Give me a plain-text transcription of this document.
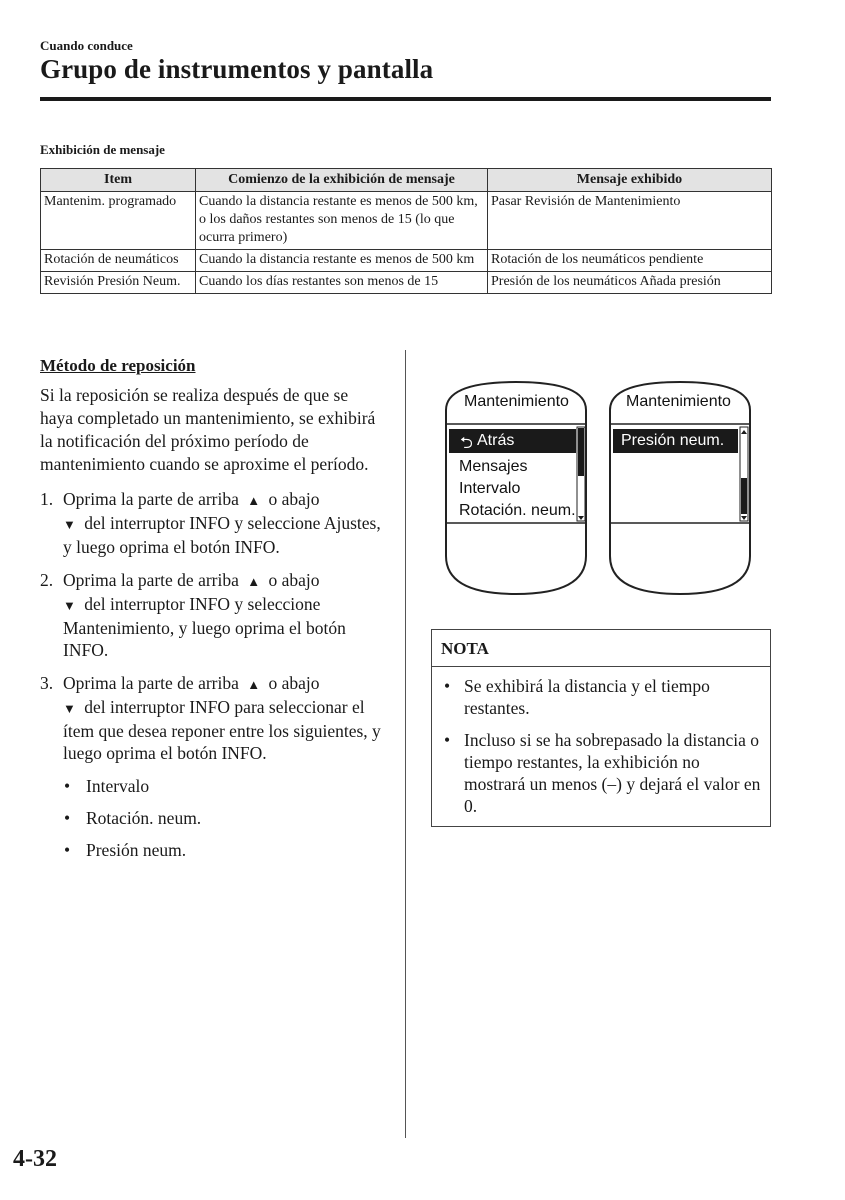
Cuando conduce
Grupo de instrumentos y pantalla
Exhibición de mensaje
Item	Comienzo de la exhibición de mensaje	Mensaje exhibido
Mantenim. programado	Cuando la distancia restante es menos de 500 km, o los daños restantes son menos de 15 (lo que ocurra primero)	Pasar Revisión de Mantenimiento
Rotación de neumáticos	Cuando la distancia restante es menos de 500 km	Rotación de los neumáticos pendiente
Revisión Presión Neum.	Cuando los días restantes son menos de 15	Presión de los neumáticos Añada presión
Método de reposición

Si la reposición se realiza después de que se haya completado un mantenimiento, se exhibirá la notificación del próximo período de mantenimiento cuando se aproxime el período.

1. Oprima la parte de arriba ▲ o abajo
▼ del interruptor INFO y seleccione Ajustes, y luego oprima el botón INFO.
2. Oprima la parte de arriba ▲ o abajo
▼ del interruptor INFO y seleccione Mantenimiento, y luego oprima el botón INFO.
3. Oprima la parte de arriba ▲ o abajo
▼ del interruptor INFO para seleccionar el ítem que desea reponer entre los siguientes, y luego oprima el botón INFO.
• Intervalo
• Rotación. neum.
• Presión neum.
Mantenimiento
⮌ Atrás
Mensajes
Intervalo
Rotación. neum.
Mantenimiento
Presión neum.
NOTA
• Se exhibirá la distancia y el tiempo restantes.
• Incluso si se ha sobrepasado la distancia o tiempo restantes, la exhibición no mostrará un menos (–) y dejará el valor en 0.
4-32
